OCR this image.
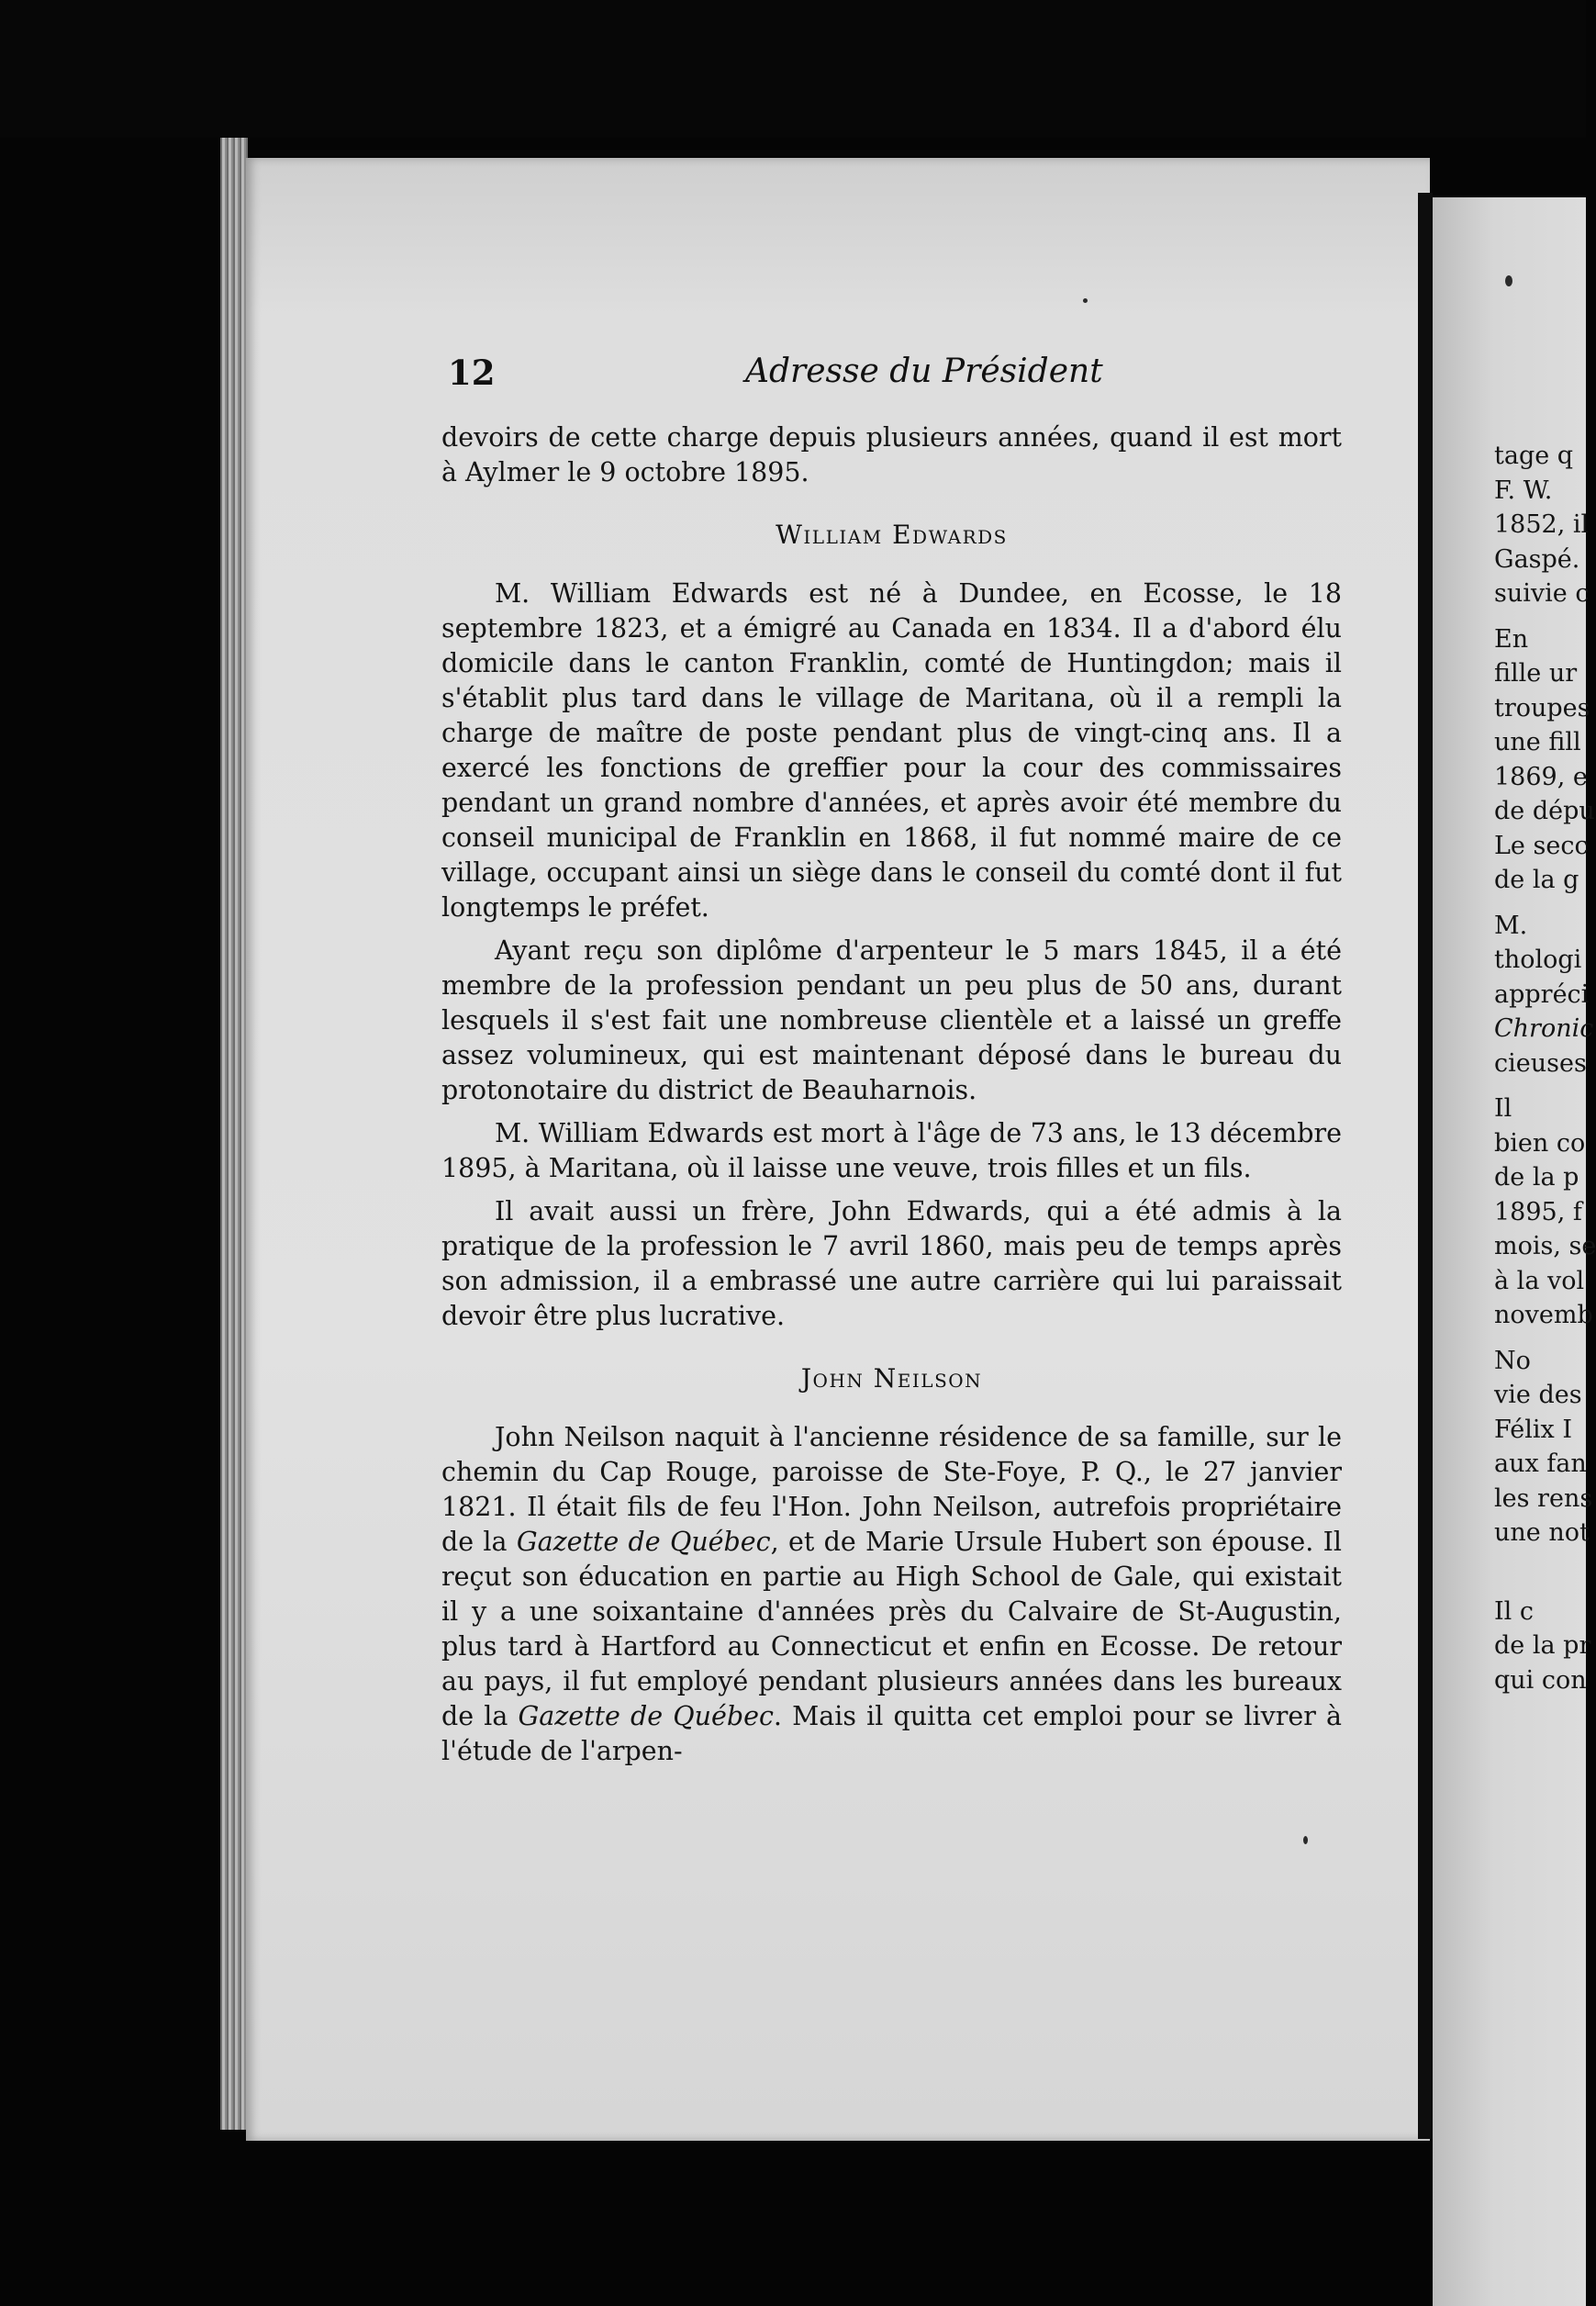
12	Adresse du Président

devoirs de cette charge depuis plusieurs années, quand il est mort à Aylmer le 9 octobre 1895.

William Edwards

M. William Edwards est né à Dundee, en Ecosse, le 18 septembre 1823, et a émigré au Canada en 1834. Il a d'abord élu domicile dans le canton Franklin, comté de Huntingdon; mais il s'établit plus tard dans le village de Maritana, où il a rempli la charge de maître de poste pendant plus de vingt-cinq ans. Il a exercé les fonctions de greffier pour la cour des commissaires pendant un grand nombre d'années, et après avoir été membre du conseil municipal de Franklin en 1868, il fut nommé maire de ce village, occupant ainsi un siège dans le conseil du comté dont il fut longtemps le préfet.

Ayant reçu son diplôme d'arpenteur le 5 mars 1845, il a été membre de la profession pendant un peu plus de 50 ans, durant lesquels il s'est fait une nombreuse clientèle et a laissé un greffe assez volumineux, qui est maintenant déposé dans le bureau du protonotaire du district de Beauharnois.

M. William Edwards est mort à l'âge de 73 ans, le 13 décembre 1895, à Maritana, où il laisse une veuve, trois filles et un fils.

Il avait aussi un frère, John Edwards, qui a été admis à la pratique de la profession le 7 avril 1860, mais peu de temps après son admission, il a embrassé une autre carrière qui lui paraissait devoir être plus lucrative.

John Neilson

John Neilson naquit à l'ancienne résidence de sa famille, sur le chemin du Cap Rouge, paroisse de Ste-Foye, P. Q., le 27 janvier 1821. Il était fils de feu l'Hon. John Neilson, autrefois propriétaire de la Gazette de Québec, et de Marie Ursule Hubert son épouse. Il reçut son éducation en partie au High School de Gale, qui existait il y a une soixantaine d'années près du Calvaire de St-Augustin, plus tard à Hartford au Connecticut et enfin en Ecosse. De retour au pays, il fut employé pendant plusieurs années dans les bureaux de la Gazette de Québec. Mais il quitta cet emploi pour se livrer à l'étude de l'arpen-

tage q
F. W.
1852, il
Gaspé.
suivie c
En
fille ur
troupes
une fill
1869, e
de dépu
Le secc
de la g
M.
thologi
appréci
Chronic
cieuses
Il
bien co
de la p
1895, f
mois, se
à la vol
novemb
No
vie des
Félix I
aux fan
les rens
une not
Il c
de la pr
qui con
